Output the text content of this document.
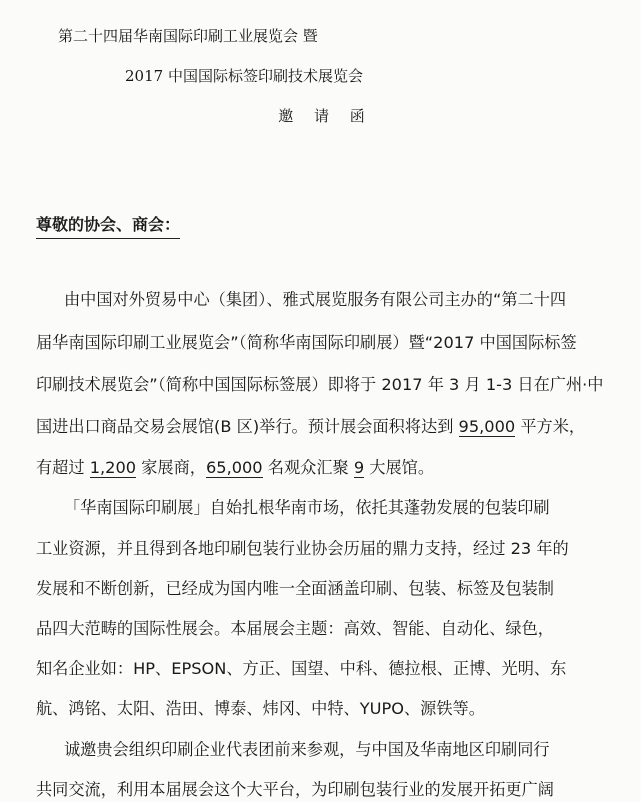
第二十四届华南国际印刷工业展览会 暨
2017 中国国际标签印刷技术展览会
邀 请 函
尊敬的协会、商会：
由中国对外贸易中心（集团）、雅式展览服务有限公司主办的“第二十四
届华南国际印刷工业展览会”（简称华南国际印刷展）暨“2017 中国国际标签
印刷技术展览会”（简称中国国际标签展）即将于 2017 年 3 月 1-3 日在广州·中
国进出口商品交易会展馆(B 区)举行。预计展会面积将达到 95,000 平方米，
有超过 1,200 家展商，65,000 名观众汇聚 9 大展馆。
「华南国际印刷展」自始扎根华南市场，依托其蓬勃发展的包装印刷
工业资源，并且得到各地印刷包装行业协会历届的鼎力支持，经过 23 年的
发展和不断创新，已经成为国内唯一全面涵盖印刷、包装、标签及包装制
品四大范畴的国际性展会。本届展会主题：高效、智能、自动化、绿色，
知名企业如：HP、EPSON、方正、国望、中科、德拉根、正博、光明、东
航、鸿铭、太阳、浩田、博泰、炜冈、中特、YUPO、源铁等。
诚邀贵会组织印刷企业代表团前来参观，与中国及华南地区印刷同行
共同交流，利用本届展会这个大平台，为印刷包装行业的发展开拓更广阔
